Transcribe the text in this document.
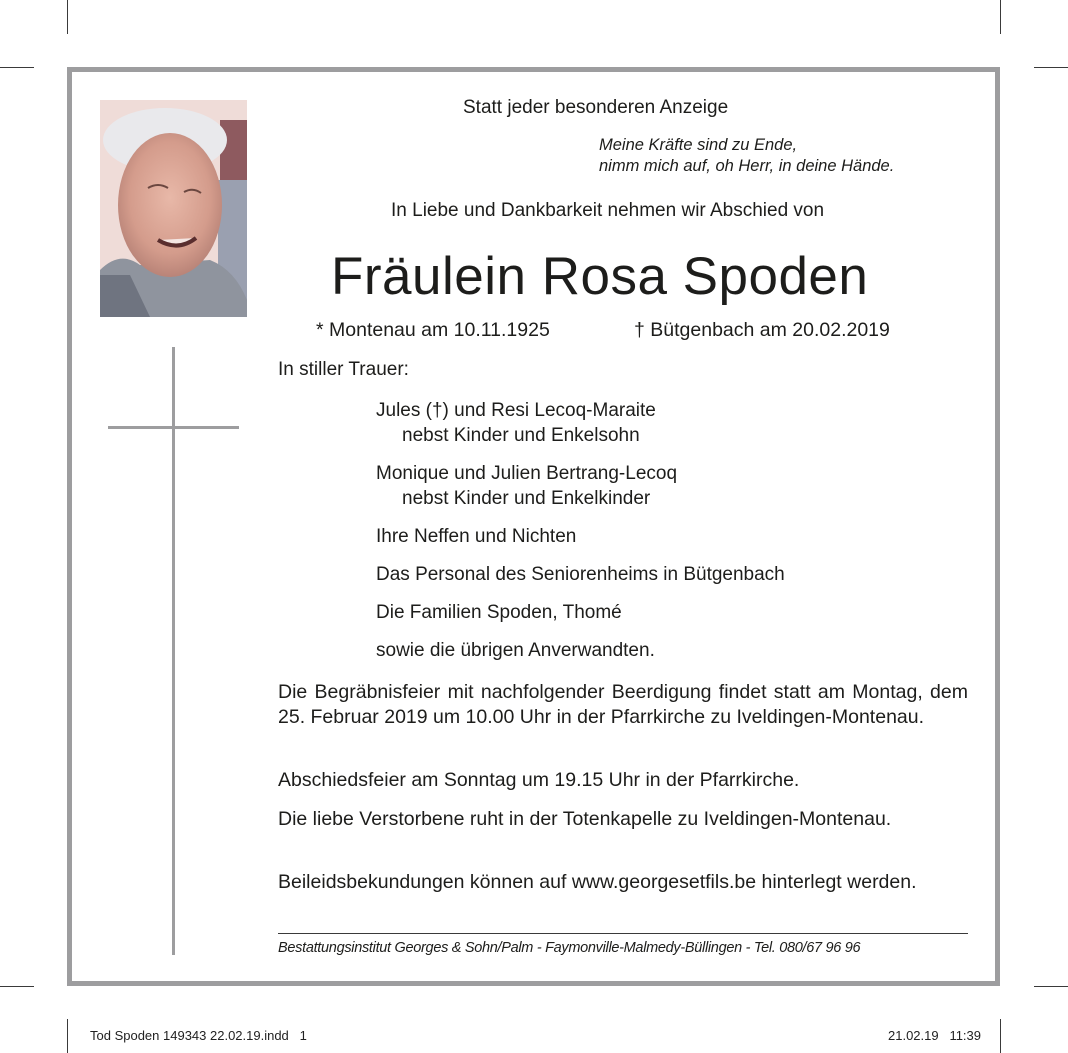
Statt jeder besonderen Anzeige
Meine Kräfte sind zu Ende,
nimm mich auf, oh Herr, in deine Hände.
In Liebe und Dankbarkeit nehmen wir Abschied von
Fräulein Rosa Spoden
* Montenau am 10.11.1925	† Bütgenbach am 20.02.2019
In stiller Trauer:
Jules (†) und Resi Lecoq-Maraite
nebst Kinder und Enkelsohn
Monique und Julien Bertrang-Lecoq
nebst Kinder und Enkelkinder
Ihre Neffen und Nichten
Das Personal des Seniorenheims in Bütgenbach
Die Familien Spoden, Thomé
sowie die übrigen Anverwandten.
Die Begräbnisfeier mit nachfolgender Beerdigung findet statt am Montag, dem 25. Februar 2019 um 10.00 Uhr in der Pfarrkirche zu Iveldingen-Montenau.
Abschiedsfeier am Sonntag um 19.15 Uhr in der Pfarrkirche.
Die liebe Verstorbene ruht in der Totenkapelle zu Iveldingen-Montenau.
Beileidsbekundungen können auf www.georgesetfils.be hinterlegt werden.
Bestattungsinstitut Georges & Sohn/Palm - Faymonville-Malmedy-Büllingen - Tel. 080/67 96 96
Tod Spoden 149343 22.02.19.indd   1	21.02.19   11:39
